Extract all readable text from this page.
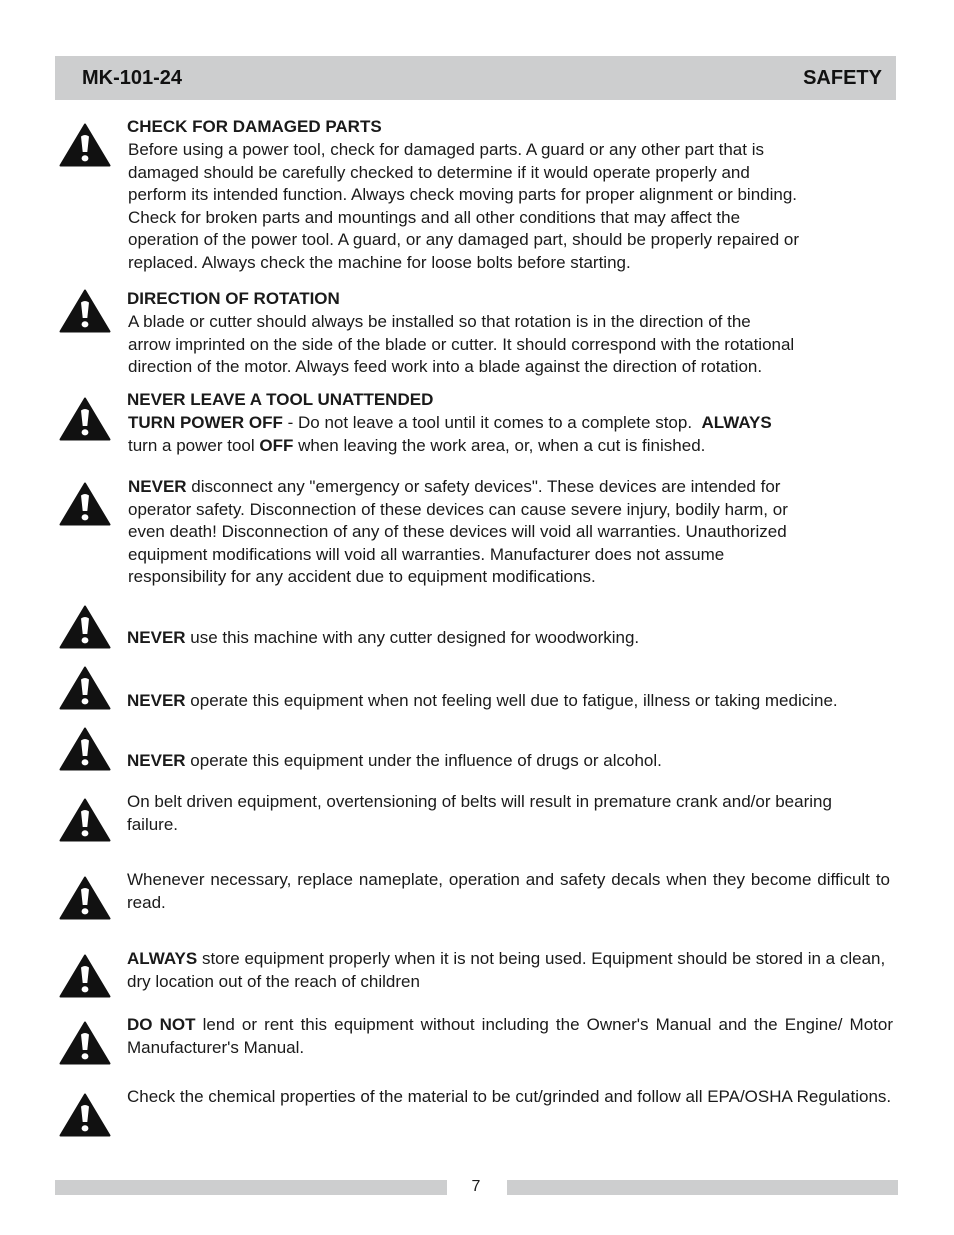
MK-101-24	SAFETY

CHECK FOR DAMAGED PARTS

Before using a power tool, check for damaged parts. A guard or any other part that is
damaged should be carefully checked to determine if it would operate properly and
perform its intended function. Always check moving parts for proper alignment or binding.
Check for broken parts and mountings and all other conditions that may affect the
operation of the power tool. A guard, or any damaged part, should be properly repaired or
replaced. Always check the machine for loose bolts before starting.

DIRECTION OF ROTATION

A blade or cutter should always be installed so that rotation is in the direction of the
arrow imprinted on the side of the blade or cutter. It should correspond with the rotational
direction of the motor. Always feed work into a blade against the direction of rotation.

NEVER LEAVE A TOOL UNATTENDED

TURN POWER OFF - Do not leave a tool until it comes to a complete stop.  ALWAYS
turn a power tool OFF when leaving the work area, or, when a cut is finished.
NEVER disconnect any "emergency or safety devices". These devices are intended for
operator safety. Disconnection of these devices can cause severe injury, bodily harm, or
even death! Disconnection of any of these devices will void all warranties. Unauthorized
equipment modifications will void all warranties. Manufacturer does not assume
responsibility for any accident due to equipment modifications.
NEVER use this machine with any cutter designed for woodworking.
NEVER operate this equipment when not feeling well due to fatigue, illness or taking medicine.
NEVER operate this equipment under the influence of drugs or alcohol.
On belt driven equipment, overtensioning of belts will result in premature crank and/or bearing
failure.
Whenever necessary, replace nameplate, operation and safety decals when they become difficult to read.
ALWAYS store equipment properly when it is not being used. Equipment should be stored in a clean, dry location out of the reach of children
DO NOT lend or rent this equipment without including the Owner's Manual and the Engine/ Motor Manufacturer's Manual.
Check the chemical properties of the material to be cut/grinded and follow all EPA/OSHA Regulations.
7
